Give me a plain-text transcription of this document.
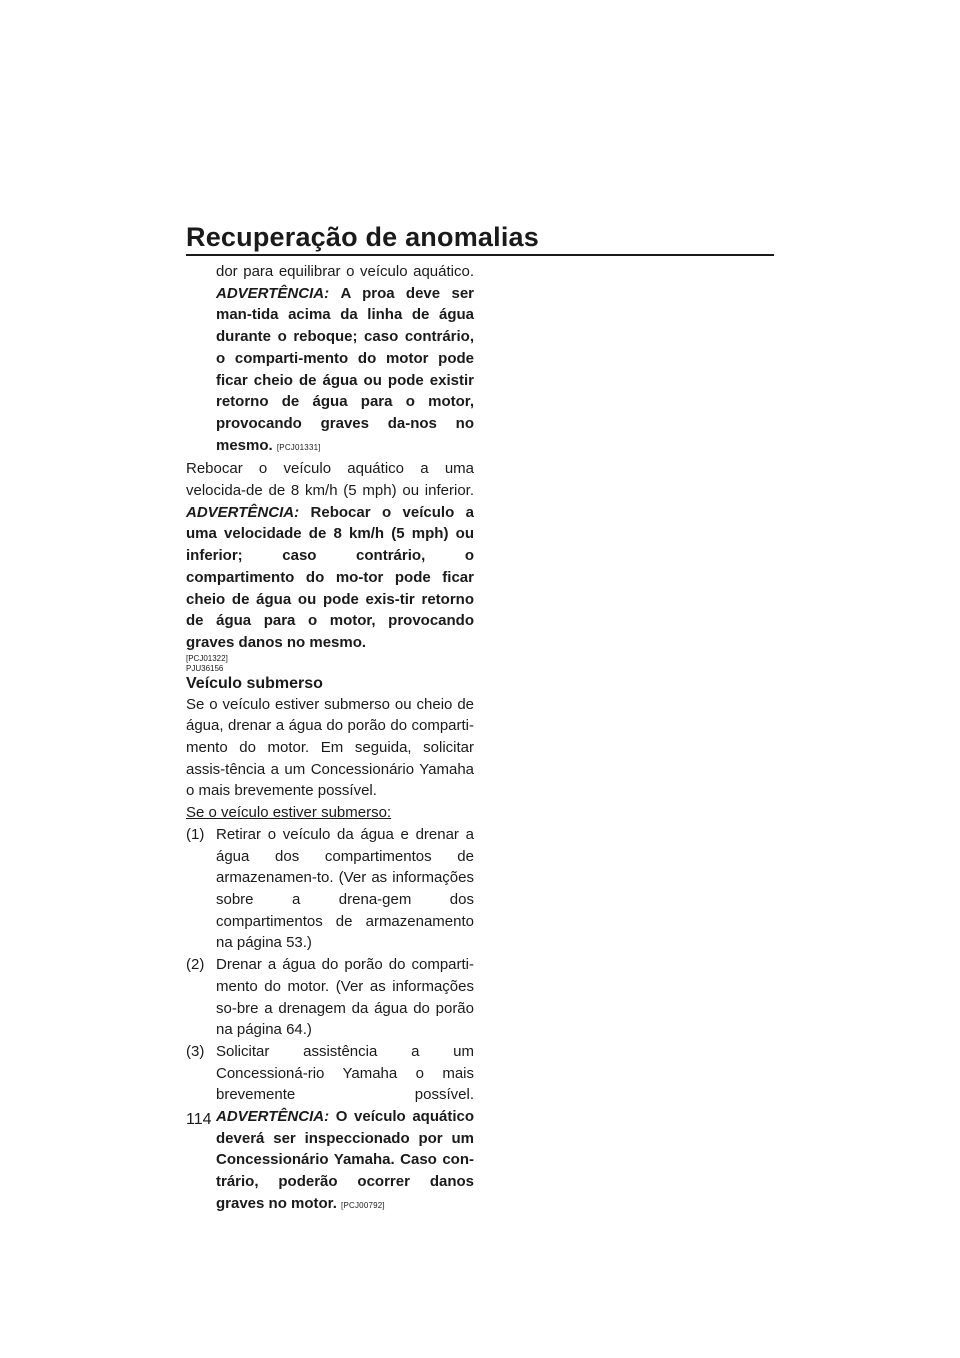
Recuperação de anomalias

dor para equilibrar o veículo aquático. ADVERTÊNCIA: A proa deve ser man-tida acima da linha de água durante o reboque; caso contrário, o comparti-mento do motor pode ficar cheio de água ou pode existir retorno de água para o motor, provocando graves da-nos no mesmo. [PCJ01331]

Rebocar o veículo aquático a uma velocida-de de 8 km/h (5 mph) ou inferior. ADVERTÊNCIA: Rebocar o veículo a uma velocidade de 8 km/h (5 mph) ou inferior; caso contrário, o compartimento do mo-tor pode ficar cheio de água ou pode exis-tir retorno de água para o motor, provocando graves danos no mesmo.

[PCJ01322]

PJU36156

Veículo submerso

Se o veículo estiver submerso ou cheio de água, drenar a água do porão do comparti-mento do motor. Em seguida, solicitar assis-tência a um Concessionário Yamaha o mais brevemente possível.

Se o veículo estiver submerso:

(1) Retirar o veículo da água e drenar a água dos compartimentos de armazenamen-to. (Ver as informações sobre a drena-gem dos compartimentos de armazenamento na página 53.)

(2) Drenar a água do porão do comparti-mento do motor. (Ver as informações so-bre a drenagem da água do porão na página 64.)

(3) Solicitar assistência a um Concessioná-rio Yamaha o mais brevemente possível. ADVERTÊNCIA: O veículo aquático deverá ser inspeccionado por um Concessionário Yamaha. Caso con-trário, poderão ocorrer danos graves no motor. [PCJ00792]

114
